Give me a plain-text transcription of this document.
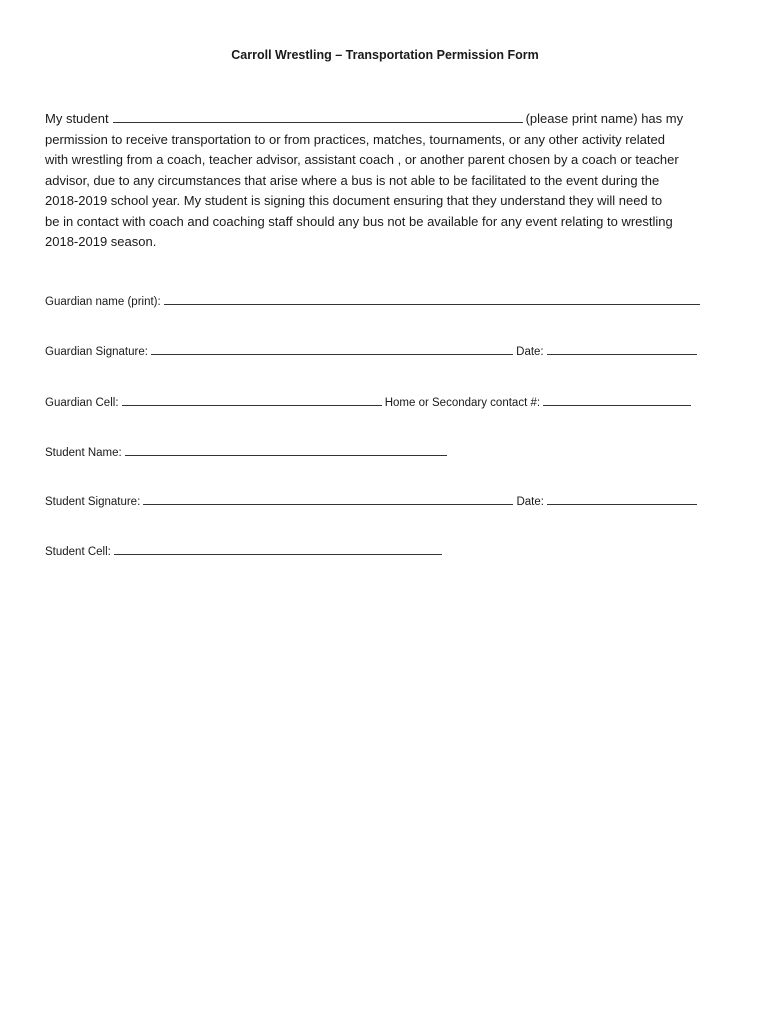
Carroll Wrestling – Transportation Permission Form
My student	(please print name) has my
permission to receive transportation to or from practices, matches, tournaments, or any other activity related
with wrestling from a coach, teacher advisor, assistant coach , or another parent chosen by a coach or teacher
advisor, due to any circumstances that arise where a bus is not able to be facilitated to the event during the
2018-2019 school year. My student is signing this document ensuring that they understand they will need to
be in contact with coach and coaching staff should any bus not be available for any event relating to wrestling
2018-2019 season.
Guardian name (print):
Guardian Signature:	Date:
Guardian Cell:	Home or Secondary contact #:
Student Name:
Student Signature:	Date:
Student Cell:
